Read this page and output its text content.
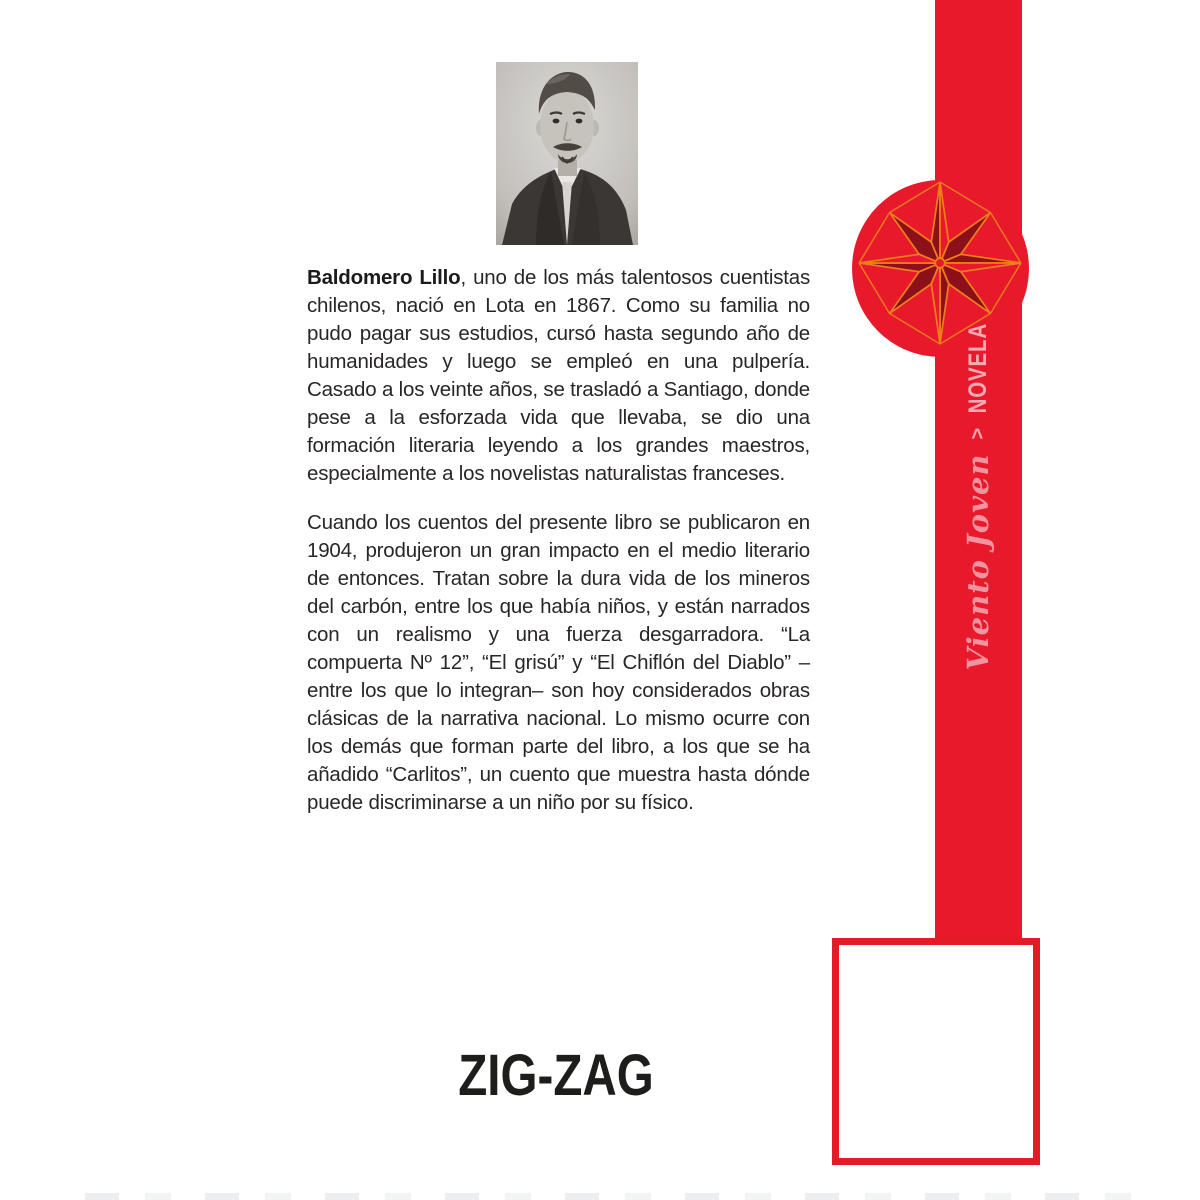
Baldomero Lillo, uno de los más talentosos cuentistas chilenos, nació en Lota en 1867. Como su familia no pudo pagar sus estudios, cursó hasta segundo año de humanidades y luego se empleó en una pulpería. Casado a los veinte años, se trasladó a Santiago, donde pese a la esforzada vida que llevaba, se dio una formación literaria leyendo a los grandes maestros, especialmente a los novelistas naturalistas franceses.

Cuando los cuentos del presente libro se publicaron en 1904, produjeron un gran impacto en el medio literario de entonces. Tratan sobre la dura vida de los mineros del carbón, entre los que había niños, y están narrados con un realismo y una fuerza desgarradora. “La compuerta Nº 12”, “El grisú” y “El Chiflón del Diablo” –entre los que lo integran– son hoy considerados obras clásicas de la narrativa nacional. Lo mismo ocurre con los demás que forman parte del libro, a los que se ha añadido “Carlitos”, un cuento que muestra hasta dónde puede discriminarse a un niño por su físico.

Viento Joven
>
NOVELA
ZIG-ZAG
